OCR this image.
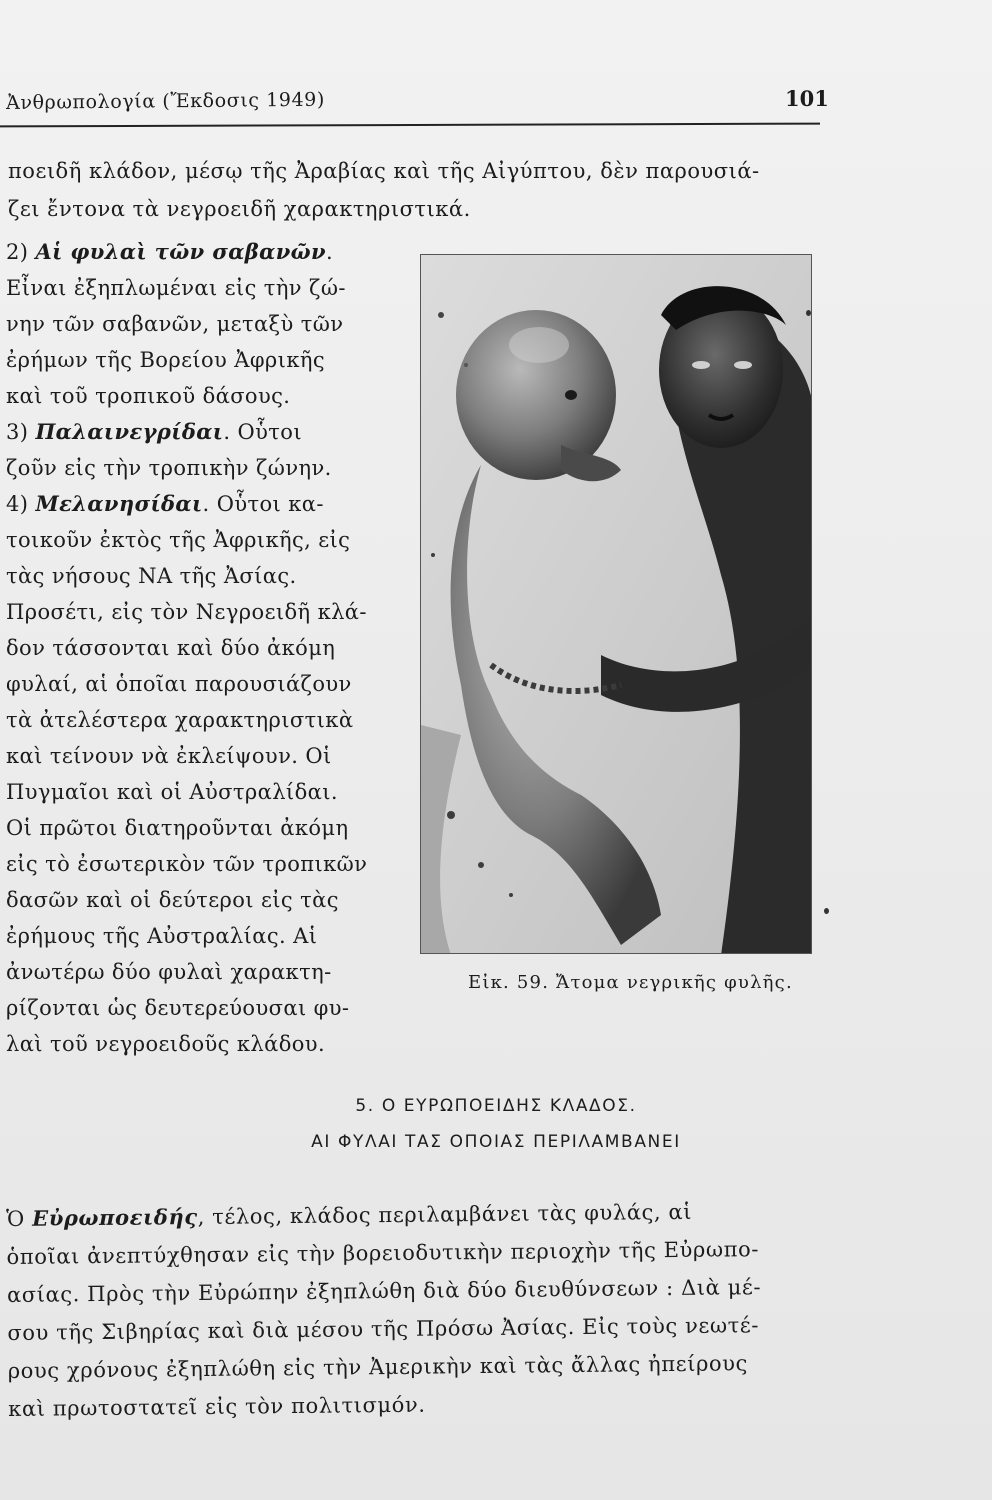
Ἀνθρωπολογία (Ἔκδοσις 1949)	101
ποειδῆ κλάδον, μέσῳ τῆς Ἀραβίας καὶ τῆς Αἰγύπτου, δὲν παρουσιά-
ζει ἔντονα τὰ νεγροειδῆ χαρακτηριστικά.
2) Αἱ φυλαὶ τῶν σαβανῶν.
Εἶναι ἐξηπλωμέναι εἰς τὴν ζώ-
νην τῶν σαβανῶν, μεταξὺ τῶν
ἐρήμων τῆς Βορείου Ἀφρικῆς
καὶ τοῦ τροπικοῦ δάσους.
3) Παλαινεγρίδαι. Οὗτοι
ζοῦν εἰς τὴν τροπικὴν ζώνην.
4) Μελανησίδαι. Οὗτοι κα-
τοικοῦν ἐκτὸς τῆς Ἀφρικῆς, εἰς
τὰς νήσους ΝΑ τῆς Ἀσίας.
Προσέτι, εἰς τὸν Νεγροειδῆ κλά-
δον τάσσονται καὶ δύο ἀκόμη
φυλαί, αἱ ὁποῖαι παρουσιάζουν
τὰ ἀτελέστερα χαρακτηριστικὰ
καὶ τείνουν νὰ ἐκλείψουν. Οἱ
Πυγμαῖοι καὶ οἱ Αὐστραλίδαι.
Οἱ πρῶτοι διατηροῦνται ἀκόμη
εἰς τὸ ἐσωτερικὸν τῶν τροπικῶν
δασῶν καὶ οἱ δεύτεροι εἰς τὰς
ἐρήμους τῆς Αὐστραλίας. Αἱ
ἀνωτέρω δύο φυλαὶ χαρακτη-
ρίζονται ὡς δευτερεύουσαι φυ-
λαὶ τοῦ νεγροειδοῦς κλάδου.
Εἰκ. 59. Ἄτομα νεγρικῆς φυλῆς.
5. Ο ΕΥΡΩΠΟΕΙΔΗΣ ΚΛΑΔΟΣ.
ΑΙ ΦΥΛΑΙ ΤΑΣ ΟΠΟΙΑΣ ΠΕΡΙΛΑΜΒΑΝΕΙ
Ὁ Εὐρωποειδής, τέλος, κλάδος περιλαμβάνει τὰς φυλάς, αἱ
ὁποῖαι ἀνεπτύχθησαν εἰς τὴν βορειοδυτικὴν περιοχὴν τῆς Εὐρωπο-
ασίας. Πρὸς τὴν Εὐρώπην ἐξηπλώθη διὰ δύο διευθύνσεων : Διὰ μέ-
σου τῆς Σιβηρίας καὶ διὰ μέσου τῆς Πρόσω Ἀσίας. Εἰς τοὺς νεωτέ-
ρους χρόνους ἐξηπλώθη εἰς τὴν Ἀμερικὴν καὶ τὰς ἄλλας ἠπείρους
καὶ πρωτοστατεῖ εἰς τὸν πολιτισμόν.
